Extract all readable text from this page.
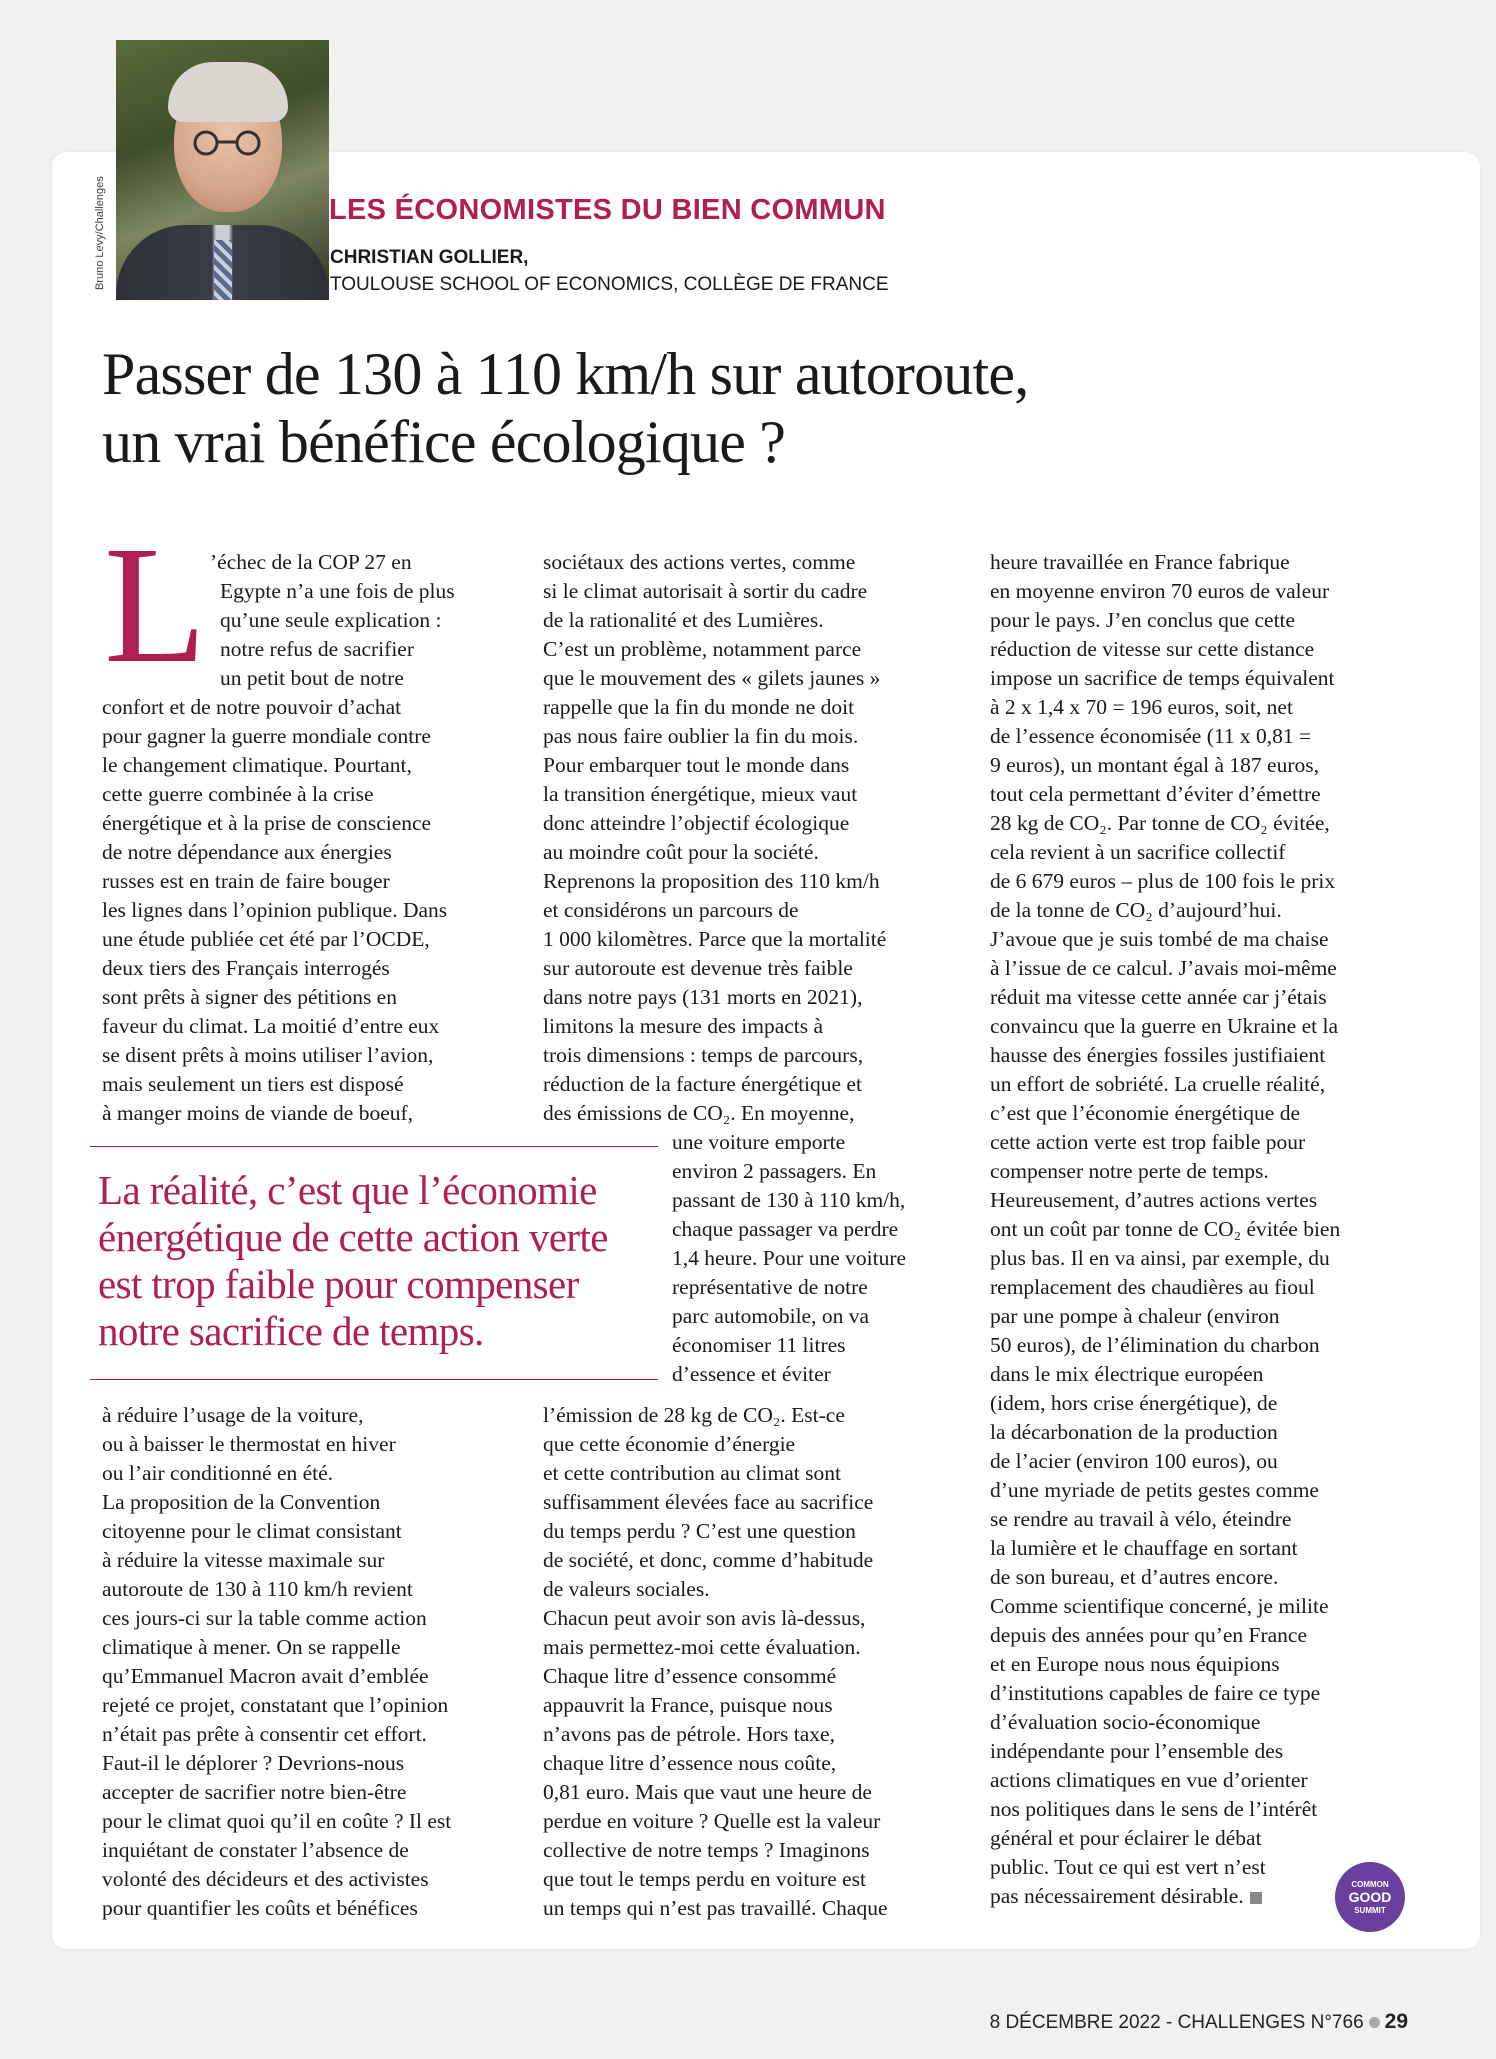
Bruno Levy/Challenges	LES ÉCONOMISTES DU BIEN COMMUN
CHRISTIAN GOLLIER,
TOULOUSE SCHOOL OF ECONOMICS, COLLÈGE DE FRANCE
Passer de 130 à 110 km/h sur autoroute,
un vrai bénéfice écologique ?
L ’échec de la COP 27 en

Egypte n’a une fois de plus

qu’une seule explication :

notre refus de sacrifier

un petit bout de notre

confort et de notre pouvoir d’achat

pour gagner la guerre mondiale contre

le changement climatique. Pourtant,

cette guerre combinée à la crise

énergétique et à la prise de conscience

de notre dépendance aux énergies

russes est en train de faire bouger

les lignes dans l’opinion publique. Dans

une étude publiée cet été par l’OCDE,

deux tiers des Français interrogés

sont prêts à signer des pétitions en

faveur du climat. La moitié d’entre eux

se disent prêts à moins utiliser l’avion,

mais seulement un tiers est disposé

à manger moins de viande de boeuf,

La réalité, c’est que l’économie
énergétique de cette action verte
est trop faible pour compenser
notre sacrifice de temps.

à réduire l’usage de la voiture,

ou à baisser le thermostat en hiver

ou l’air conditionné en été.

La proposition de la Convention

citoyenne pour le climat consistant

à réduire la vitesse maximale sur

autoroute de 130 à 110 km/h revient

ces jours-ci sur la table comme action

climatique à mener. On se rappelle

qu’Emmanuel Macron avait d’emblée

rejeté ce projet, constatant que l’opinion

n’était pas prête à consentir cet effort.

Faut-il le déplorer ? Devrions-nous

accepter de sacrifier notre bien-être

pour le climat quoi qu’il en coûte ? Il est

inquiétant de constater l’absence de

volonté des décideurs et des activistes

pour quantifier les coûts et bénéfices

sociétaux des actions vertes, comme

si le climat autorisait à sortir du cadre

de la rationalité et des Lumières.

C’est un problème, notamment parce

que le mouvement des « gilets jaunes »

rappelle que la fin du monde ne doit

pas nous faire oublier la fin du mois.

Pour embarquer tout le monde dans

la transition énergétique, mieux vaut

donc atteindre l’objectif écologique

au moindre coût pour la société.

Reprenons la proposition des 110 km/h

et considérons un parcours de

1 000 kilomètres. Parce que la mortalité

sur autoroute est devenue très faible

dans notre pays (131 morts en 2021),

limitons la mesure des impacts à

trois dimensions : temps de parcours,

réduction de la facture énergétique et

des émissions de CO₂. En moyenne,

une voiture emporte

environ 2 passagers. En

passant de 130 à 110 km/h,

chaque passager va perdre

1,4 heure. Pour une voiture

représentative de notre

parc automobile, on va

économiser 11 litres

d’essence et éviter

l’émission de 28 kg de CO₂. Est-ce

que cette économie d’énergie

et cette contribution au climat sont

suffisamment élevées face au sacrifice

du temps perdu ? C’est une question

de société, et donc, comme d’habitude

de valeurs sociales.

Chacun peut avoir son avis là-dessus,

mais permettez-moi cette évaluation.

Chaque litre d’essence consommé

appauvrit la France, puisque nous

n’avons pas de pétrole. Hors taxe,

chaque litre d’essence nous coûte,

0,81 euro. Mais que vaut une heure de

perdue en voiture ? Quelle est la valeur

collective de notre temps ? Imaginons

que tout le temps perdu en voiture est

un temps qui n’est pas travaillé. Chaque

heure travaillée en France fabrique

en moyenne environ 70 euros de valeur

pour le pays. J’en conclus que cette

réduction de vitesse sur cette distance

impose un sacrifice de temps équivalent

à 2 x 1,4 x 70 = 196 euros, soit, net

de l’essence économisée (11 x 0,81 =

9 euros), un montant égal à 187 euros,

tout cela permettant d’éviter d’émettre

28 kg de CO₂. Par tonne de CO₂ évitée,

cela revient à un sacrifice collectif

de 6 679 euros – plus de 100 fois le prix

de la tonne de CO₂ d’aujourd’hui.

J’avoue que je suis tombé de ma chaise

à l’issue de ce calcul. J’avais moi-même

réduit ma vitesse cette année car j’étais

convaincu que la guerre en Ukraine et la

hausse des énergies fossiles justifiaient

un effort de sobriété. La cruelle réalité,

c’est que l’économie énergétique de

cette action verte est trop faible pour

compenser notre perte de temps.

Heureusement, d’autres actions vertes

ont un coût par tonne de CO₂ évitée bien

plus bas. Il en va ainsi, par exemple, du

remplacement des chaudières au fioul

par une pompe à chaleur (environ

50 euros), de l’élimination du charbon

dans le mix électrique européen

(idem, hors crise énergétique), de

la décarbonation de la production

de l’acier (environ 100 euros), ou

d’une myriade de petits gestes comme

se rendre au travail à vélo, éteindre

la lumière et le chauffage en sortant

de son bureau, et d’autres encore.

Comme scientifique concerné, je milite

depuis des années pour qu’en France

et en Europe nous nous équipions

d’institutions capables de faire ce type

d’évaluation socio-économique

indépendante pour l’ensemble des

actions climatiques en vue d’orienter

nos politiques dans le sens de l’intérêt

général et pour éclairer le débat

public. Tout ce qui est vert n’est

pas nécessairement désirable.	COMMON
GOOD
SUMMIT
8 DÉCEMBRE 2022 - CHALLENGES N°766 29
